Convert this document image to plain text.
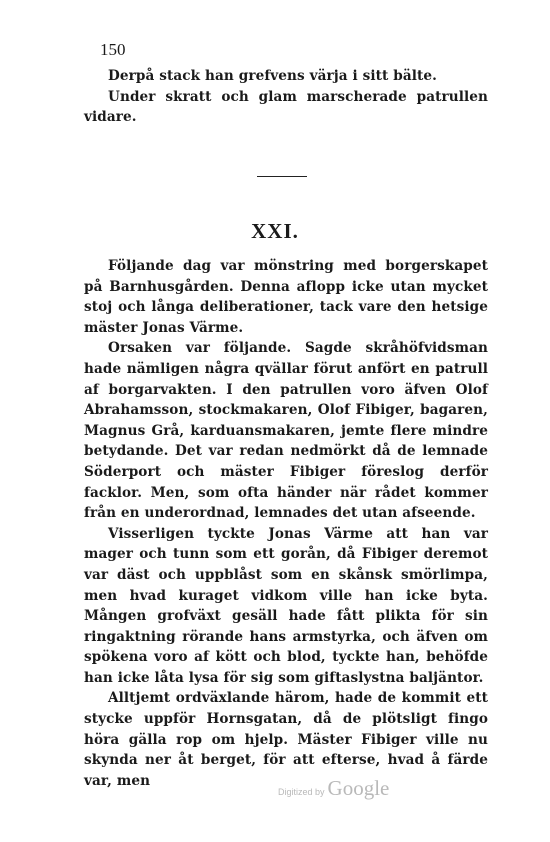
150

Derpå stack han grefvens värja i sitt bälte.

Under skratt och glam marscherade patrullen vidare.

XXI.

Följande dag var mönstring med borgerskapet på Barnhusgården. Denna aflopp icke utan mycket stoj och långa deliberationer, tack vare den hetsige mäster Jonas Värme.

Orsaken var följande. Sagde skråhöfvidsman hade nämligen några qvällar förut anfört en patrull af borgarvakten. I den patrullen voro äfven Olof Abrahamsson, stockmakaren, Olof Fibiger, bagaren, Magnus Grå, karduansmakaren, jemte flere mindre betydande. Det var redan nedmörkt då de lemnade Söderport och mäster Fibiger föreslog derför facklor. Men, som ofta händer när rådet kommer från en underordnad, lemnades det utan afseende.

Visserligen tyckte Jonas Värme att han var mager och tunn som ett gorån, då Fibiger deremot var däst och uppblåst som en skånsk smörlimpa, men hvad kuraget vidkom ville han icke byta. Mången grofväxt gesäll hade fått plikta för sin ringaktning rörande hans armstyrka, och äfven om spökena voro af kött och blod, tyckte han, behöfde han icke låta lysa för sig som giftaslystna baljäntor.

Alltjemt ordväxlande härom, hade de kommit ett stycke uppför Hornsgatan, då de plötsligt fingo höra gälla rop om hjelp. Mäster Fibiger ville nu skynda ner åt berget, för att efterse, hvad å färde var, men

Digitized by Google
